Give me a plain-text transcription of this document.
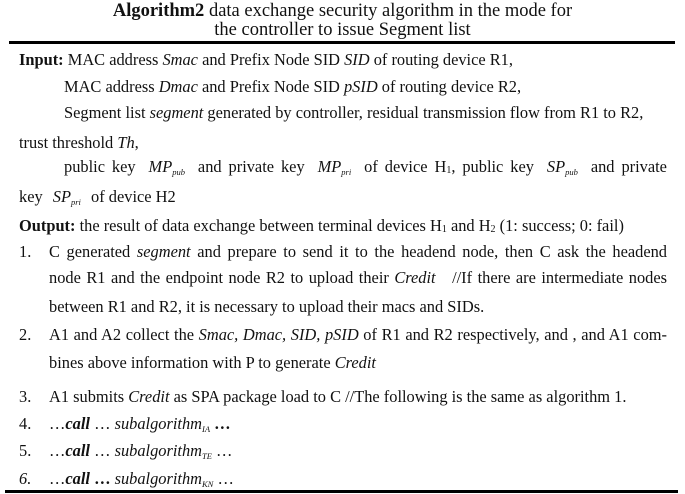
Algorithm2 data exchange security algorithm in the mode for
the controller to issue Segment list
Input: MAC address Smac and Prefix Node SID SID of routing device R1,
MAC address Dmac and Prefix Node SID pSID of routing device R2,
Segment list segment generated by controller, residual transmission flow from R1 to R2,
trust threshold Th,
public key $MP_{pub}$ and private key $MP_{pri}$ of device $H_1$, public key $SP_{pub}$ and private
key $SP_{pri}$ of device H2
Output: the result of data exchange between terminal devices $H_1$ and $H_2$ (1: success; 0: fail)
1. C generated segment and prepare to send it to the headend node, then C ask the headend
node R1 and the endpoint node R2 to upload their Credit   //If there are intermediate nodes
between R1 and R2, it is necessary to upload their macs and SIDs.
2. A1 and A2 collect the Smac, Dmac, SID, pSID of R1 and R2 respectively, and , and A1 com-
bines above information with P to generate Credit
3. A1 submits Credit as SPA package load to C //The following is the same as algorithm 1.
4. …call … subalgorithm$_{IA}$ …
5. …call … subalgorithm$_{TE}$ …
6. …call … subalgorithm$_{KN}$ …
